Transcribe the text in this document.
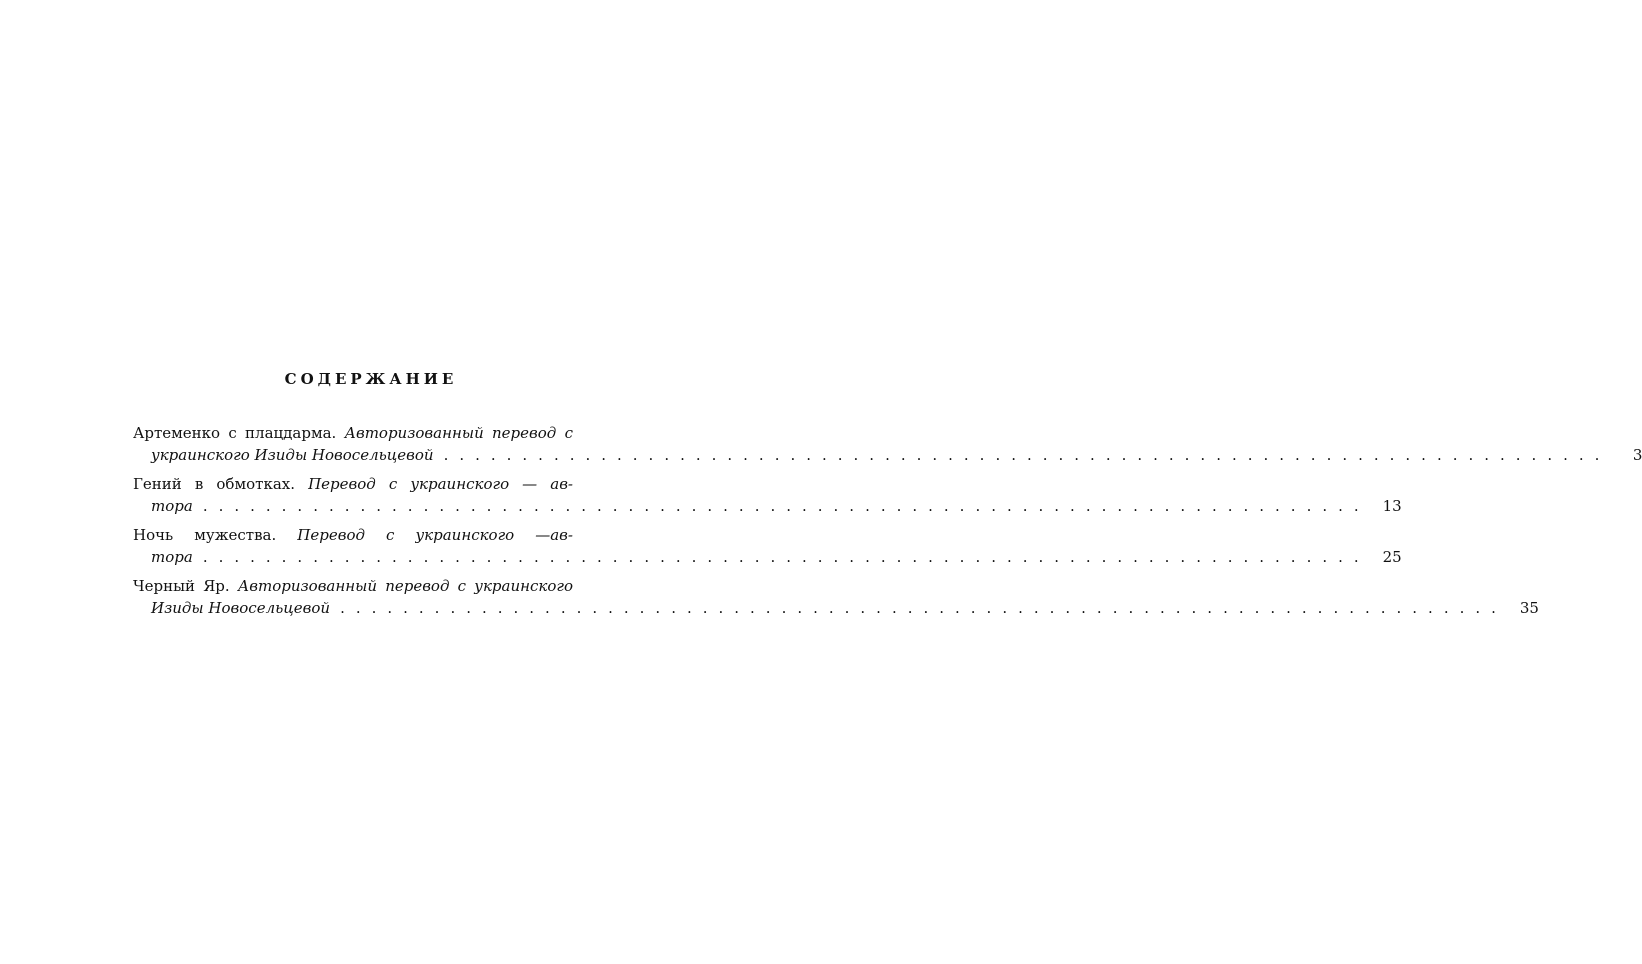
СОДЕРЖАНИЕ
Артеменко с плацдарма. Авторизованный перевод с
украинского Изиды Новосельцевой ..........................................................................	3
Гений в обмотках. Перевод с украинского — ав-
тора .......................................................................... 13
Ночь мужества. Перевод с украинского —ав-
тора .......................................................................... 25
Черный Яр. Авторизованный перевод с украинского
Изиды Новосельцевой .......................................................................... 35
